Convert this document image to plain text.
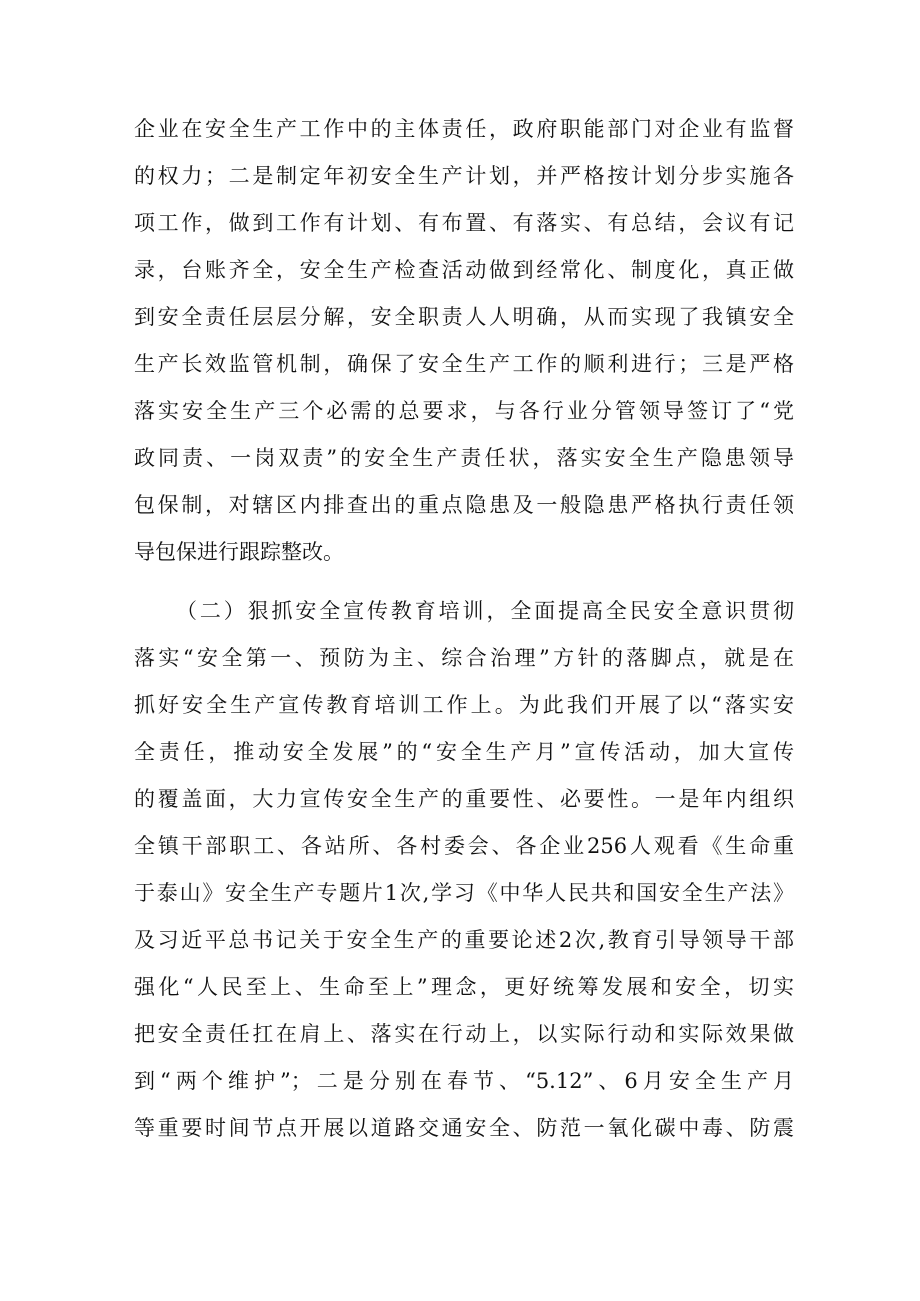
企业在安全生产工作中的主体责任，政府职能部门对企业有监督
的权力；二是制定年初安全生产计划，并严格按计划分步实施各
项工作，做到工作有计划、有布置、有落实、有总结，会议有记
录，台账齐全，安全生产检查活动做到经常化、制度化，真正做
到安全责任层层分解，安全职责人人明确，从而实现了我镇安全
生产长效监管机制，确保了安全生产工作的顺利进行；三是严格
落实安全生产三个必需的总要求，与各行业分管领导签订了“党
政同责、一岗双责”的安全生产责任状，落实安全生产隐患领导
包保制，对辖区内排查出的重点隐患及一般隐患严格执行责任领
导包保进行跟踪整改。
（二）狠抓安全宣传教育培训，全面提高全民安全意识贯彻
落实“安全第一、预防为主、综合治理”方针的落脚点，就是在
抓好安全生产宣传教育培训工作上。为此我们开展了以“落实安
全责任，推动安全发展”的“安全生产月”宣传活动，加大宣传
的覆盖面，大力宣传安全生产的重要性、必要性。一是年内组织
全镇干部职工、各站所、各村委会、各企业256人观看《生命重
于泰山》安全生产专题片1次,学习《中华人民共和国安全生产法》
及习近平总书记关于安全生产的重要论述2次,教育引导领导干部
强化“人民至上、生命至上”理念，更好统筹发展和安全，切实
把安全责任扛在肩上、落实在行动上，以实际行动和实际效果做
到“两个维护”；二是分别在春节、“5.12”、6月安全生产月
等重要时间节点开展以道路交通安全、防范一氧化碳中毒、防震
